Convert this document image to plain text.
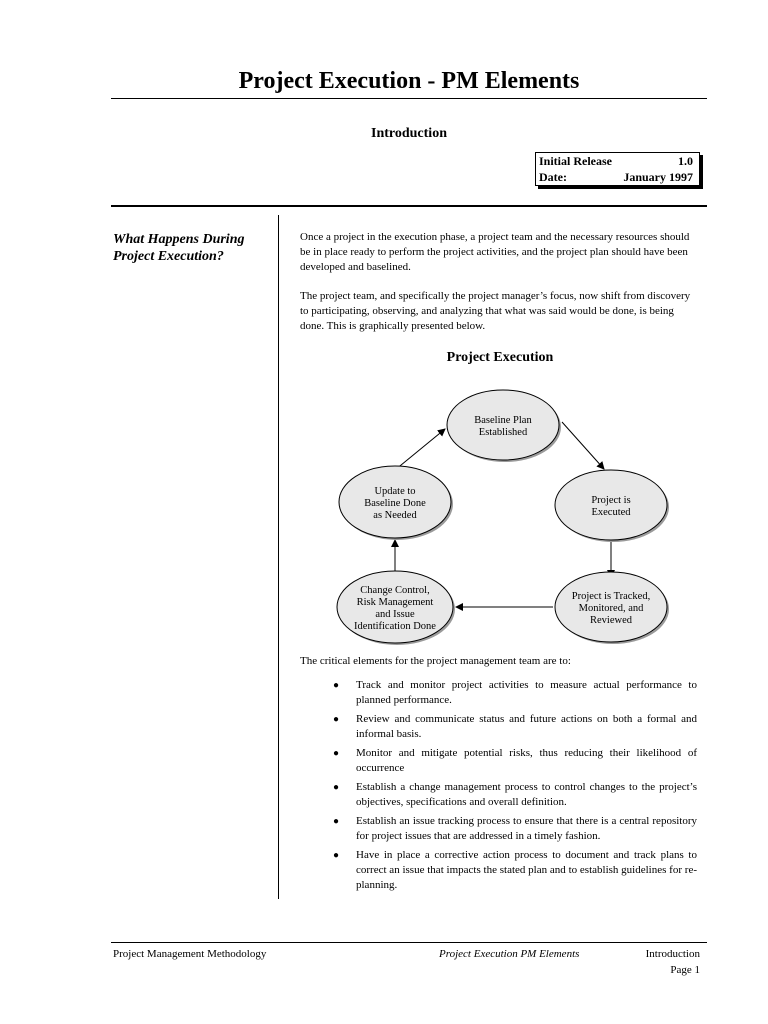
Project Execution - PM Elements
Introduction
Initial Release	1.0
Date:	January 1997
What Happens During Project Execution?

Once a project in the execution phase, a project team and the necessary resources should be in place ready to perform the project activities, and the project plan should have been developed and baselined.

The project team, and specifically the project manager’s focus, now shift from discovery to participating, observing, and analyzing that what was said would be done, is being done. This is graphically presented below.

Project Execution
Baseline Plan
Established
Project is
Executed
Project is Tracked,
Monitored, and
Reviewed
Change Control,
Risk Management
and Issue
Identification Done
Update to
Baseline Done
as Needed

The critical elements for the project management team are to:

● Track and monitor project activities to measure actual performance to planned performance.
● Review and communicate status and future actions on both a formal and informal basis.
● Monitor and mitigate potential risks, thus reducing their likelihood of occurrence
● Establish a change management process to control changes to the project’s objectives, specifications and overall definition.
● Establish an issue tracking process to ensure that there is a central repository for project issues that are addressed in a timely fashion.
● Have in place a corrective action process to document and track plans to correct an issue that impacts the stated plan and to establish guidelines for re-planning.
Project Management Methodology	Project Execution PM Elements	Introduction
Page 1
